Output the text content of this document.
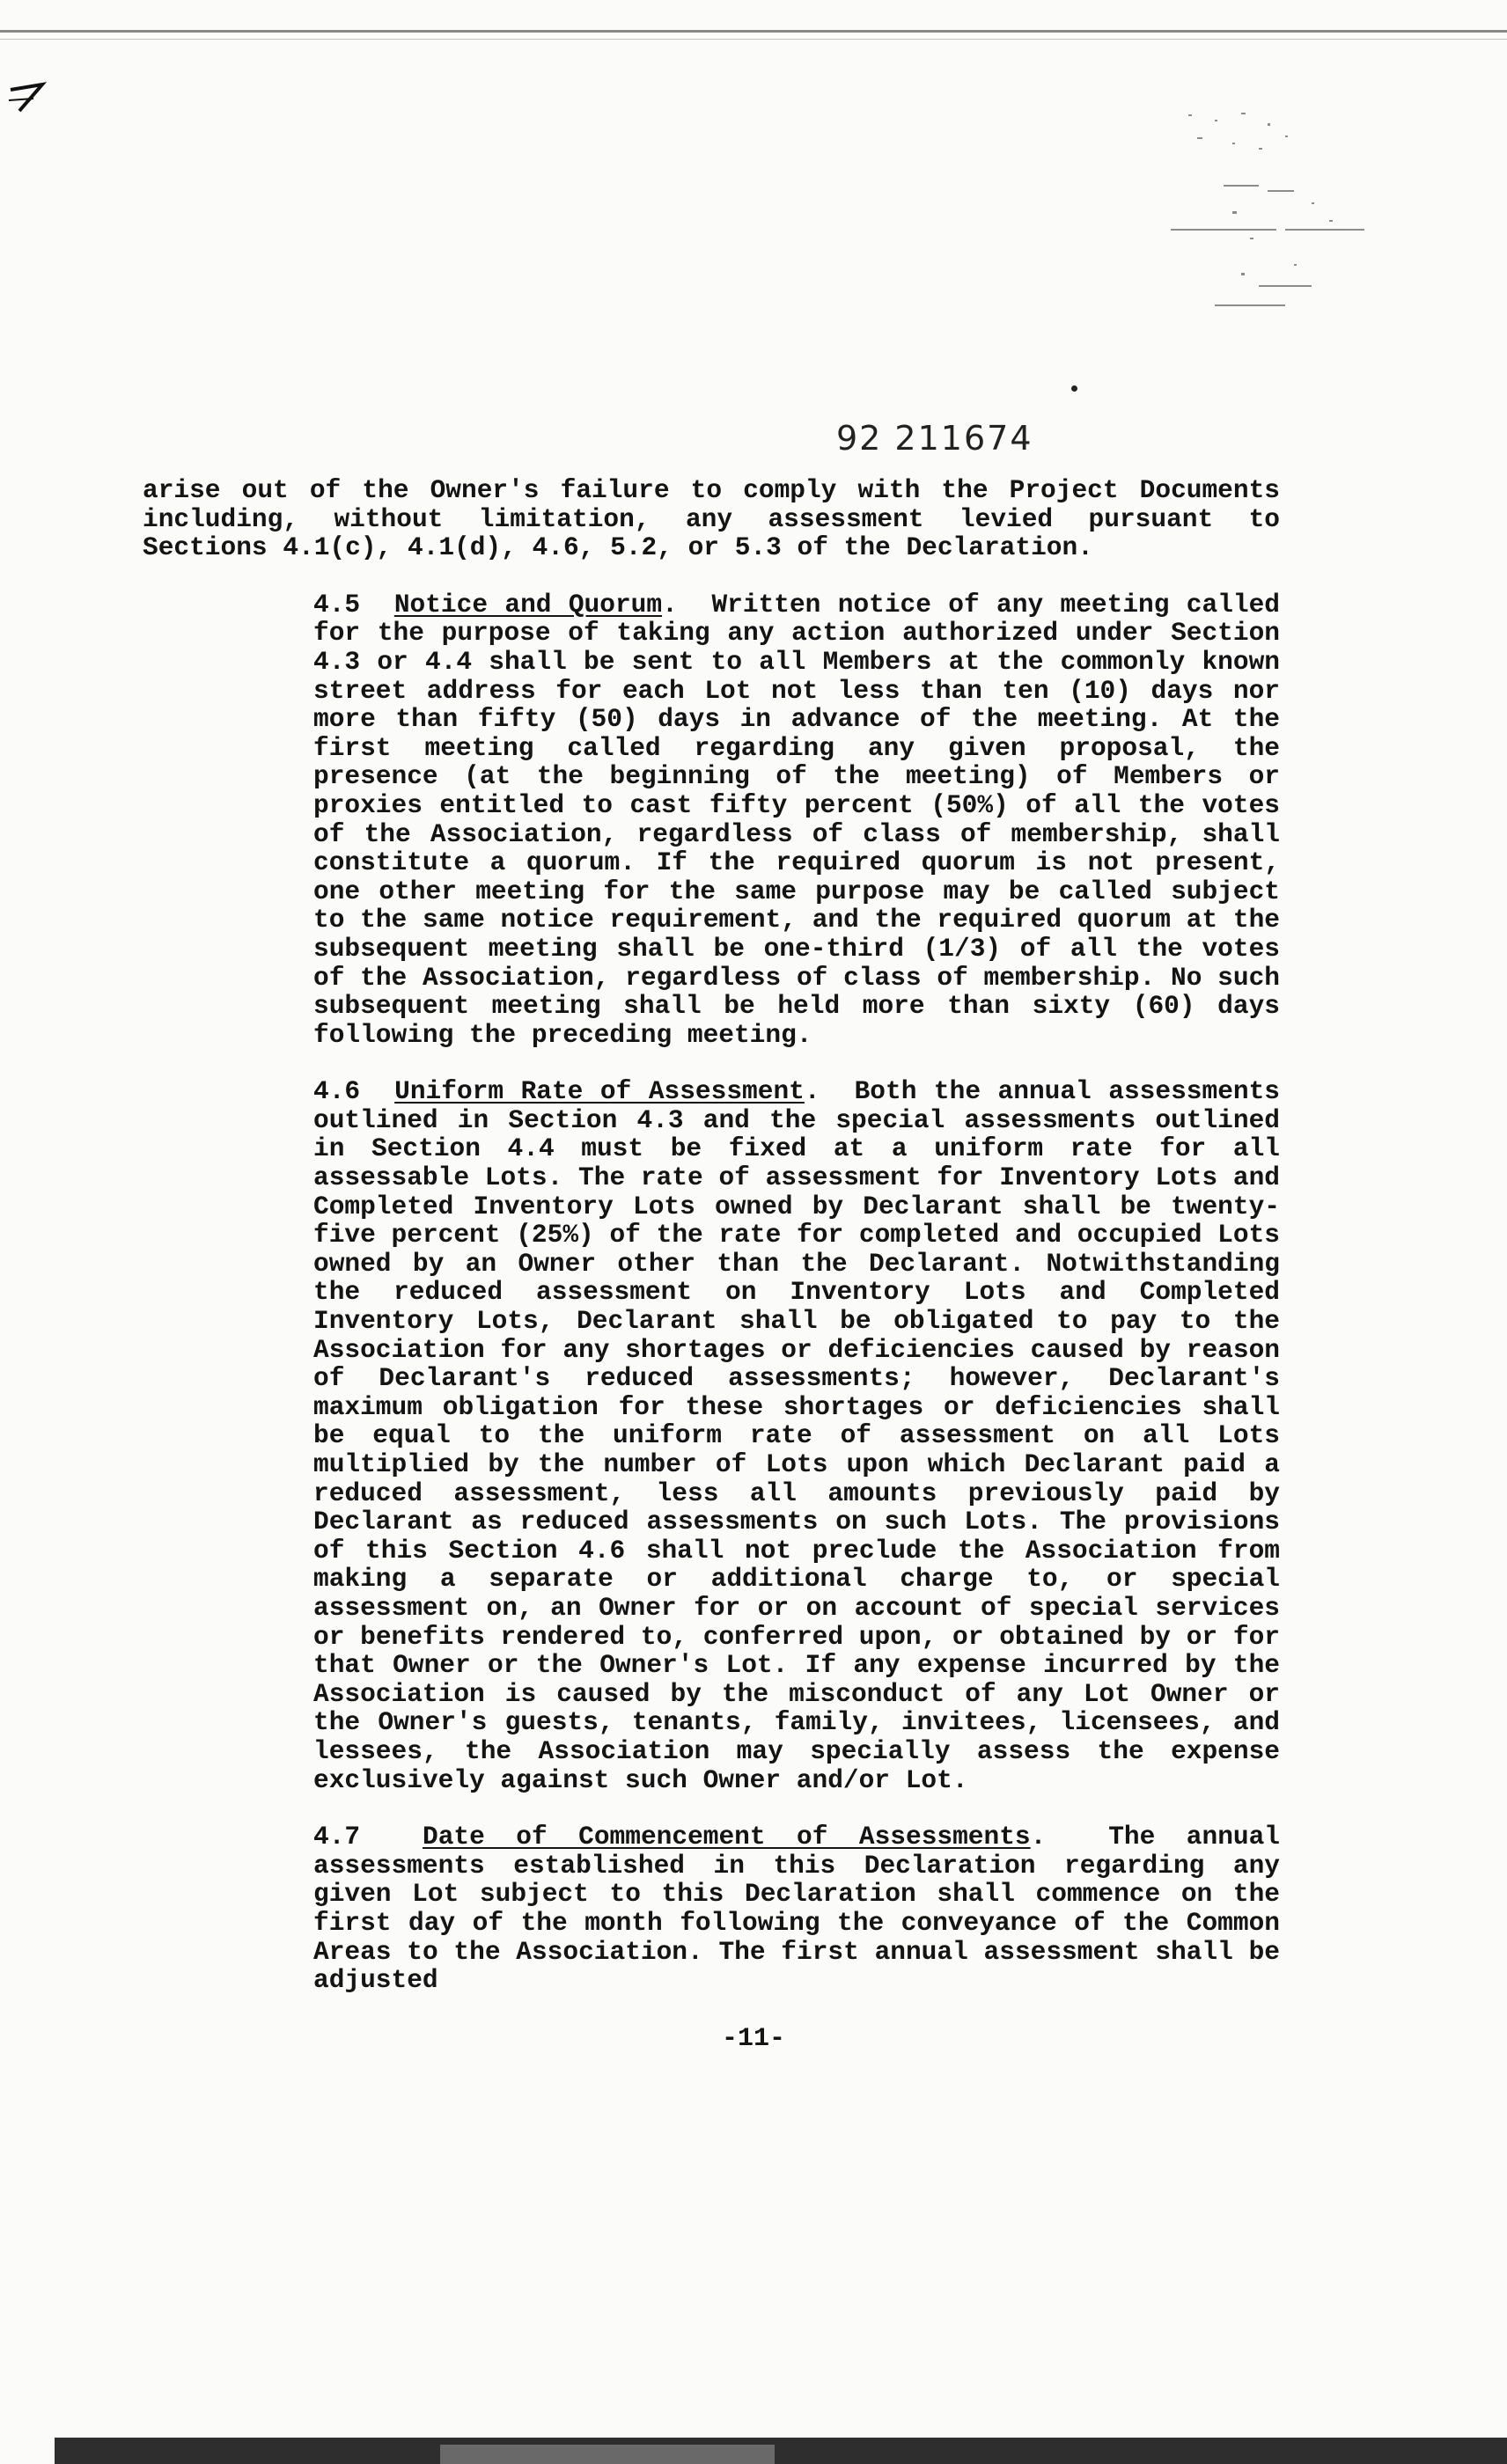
92 211674

arise out of the Owner's failure to comply with the Project Documents including, without limitation, any assessment levied pursuant to Sections 4.1(c), 4.1(d), 4.6, 5.2, or 5.3 of the Declaration.

4.5 Notice and Quorum.  Written notice of any meeting called for the purpose of taking any action authorized under Section 4.3 or 4.4 shall be sent to all Members at the commonly known street address for each Lot not less than ten (10) days nor more than fifty (50) days in advance of the meeting. At the first meeting called regarding any given proposal, the presence (at the beginning of the meeting) of Members or proxies entitled to cast fifty percent (50%) of all the votes of the Association, regardless of class of membership, shall constitute a quorum. If the required quorum is not present, one other meeting for the same purpose may be called subject to the same notice requirement, and the required quorum at the subsequent meeting shall be one-third (1/3) of all the votes of the Association, regardless of class of membership. No such subsequent meeting shall be held more than sixty (60) days following the preceding meeting.

4.6 Uniform Rate of Assessment.  Both the annual assessments outlined in Section 4.3 and the special assessments outlined in Section 4.4 must be fixed at a uniform rate for all assessable Lots. The rate of assessment for Inventory Lots and Completed Inventory Lots owned by Declarant shall be twenty-five percent (25%) of the rate for completed and occupied Lots owned by an Owner other than the Declarant. Notwithstanding the reduced assessment on Inventory Lots and Completed Inventory Lots, Declarant shall be obligated to pay to the Association for any shortages or deficiencies caused by reason of Declarant's reduced assessments; however, Declarant's maximum obligation for these shortages or deficiencies shall be equal to the uniform rate of assessment on all Lots multiplied by the number of Lots upon which Declarant paid a reduced assessment, less all amounts previously paid by Declarant as reduced assessments on such Lots. The provisions of this Section 4.6 shall not preclude the Association from making a separate or additional charge to, or special assessment on, an Owner for or on account of special services or benefits rendered to, conferred upon, or obtained by or for that Owner or the Owner's Lot. If any expense incurred by the Association is caused by the misconduct of any Lot Owner or the Owner's guests, tenants, family, invitees, licensees, and lessees, the Association may specially assess the expense exclusively against such Owner and/or Lot.

4.7 Date of Commencement of Assessments.  The annual assessments established in this Declaration regarding any given Lot subject to this Declaration shall commence on the first day of the month following the conveyance of the Common Areas to the Association. The first annual assessment shall be adjusted

-11-
